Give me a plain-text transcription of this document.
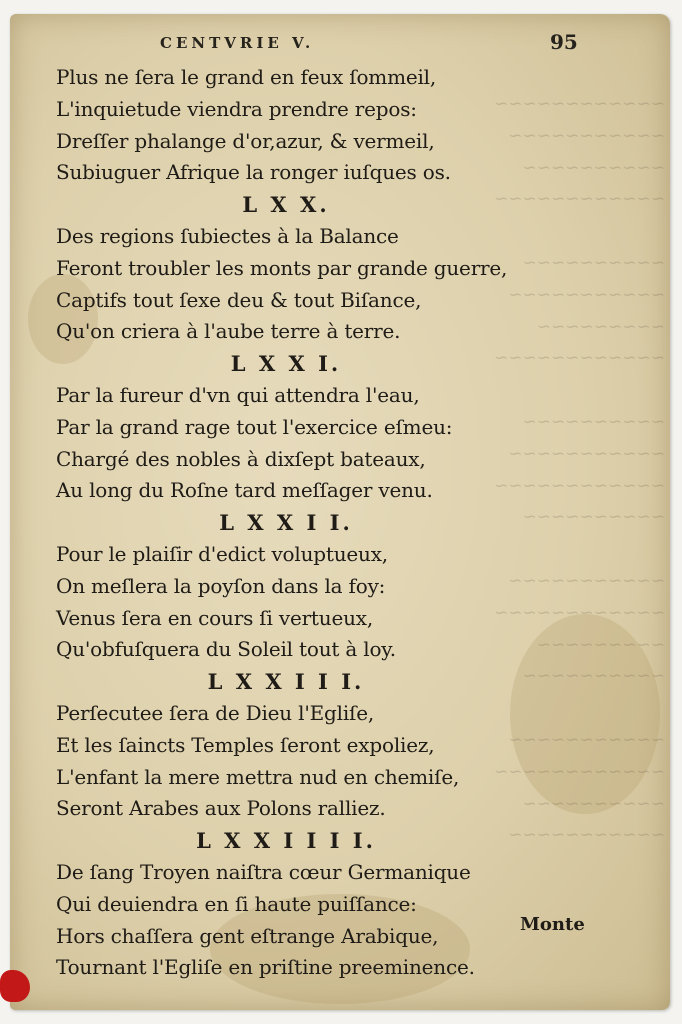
~~~~~~~~~~~~
~~~~~~~~~~~
~~~~~~~~~~
~~~~~~~~~~~~

~~~~~~~~~~
~~~~~~~~~~~
~~~~~~~~~
~~~~~~~~~~~~

~~~~~~~~~~
~~~~~~~~~~~
~~~~~~~~~~~~
~~~~~~~~~~

~~~~~~~~~~~
~~~~~~~~~~~~
~~~~~~~~~
~~~~~~~~~~

~~~~~~~~~~~
~~~~~~~~~~~~
~~~~~~~~~~
~~~~~~~~~~~
CENTVRIE V.	95
Plus ne ſera le grand en feux ſommeil,
L'inquietude viendra prendre repos:
Dreſſer phalange d'or,azur, & vermeil,
Subiuguer Afrique la ronger iuſques os.
L X X.
Des regions ſubiectes à la Balance
Feront troubler les monts par grande guerre,
Captifs tout ſexe deu & tout Biſance,
Qu'on criera à l'aube terre à terre.
L X X I.
Par la fureur d'vn qui attendra l'eau,
Par la grand rage tout l'exercice eſmeu:
Chargé des nobles à dixſept bateaux,
Au long du Roſne tard meſſager venu.
L X X I I.
Pour le plaiſir d'edict voluptueux,
On meſlera la poyſon dans la foy:
Venus ſera en cours ſi vertueux,
Qu'obfuſquera du Soleil tout à loy.
L X X I I I.
Perſecutee ſera de Dieu l'Egliſe,
Et les ſaincts Temples ſeront expoliez,
L'enfant la mere mettra nud en chemiſe,
Seront Arabes aux Polons ralliez.
L X X I I I I.
De ſang Troyen naiſtra cœur Germanique
Qui deuiendra en ſi haute puiſſance:
Hors chaſſera gent eſtrange Arabique,
Tournant l'Egliſe en priſtine preeminence.
Monte
